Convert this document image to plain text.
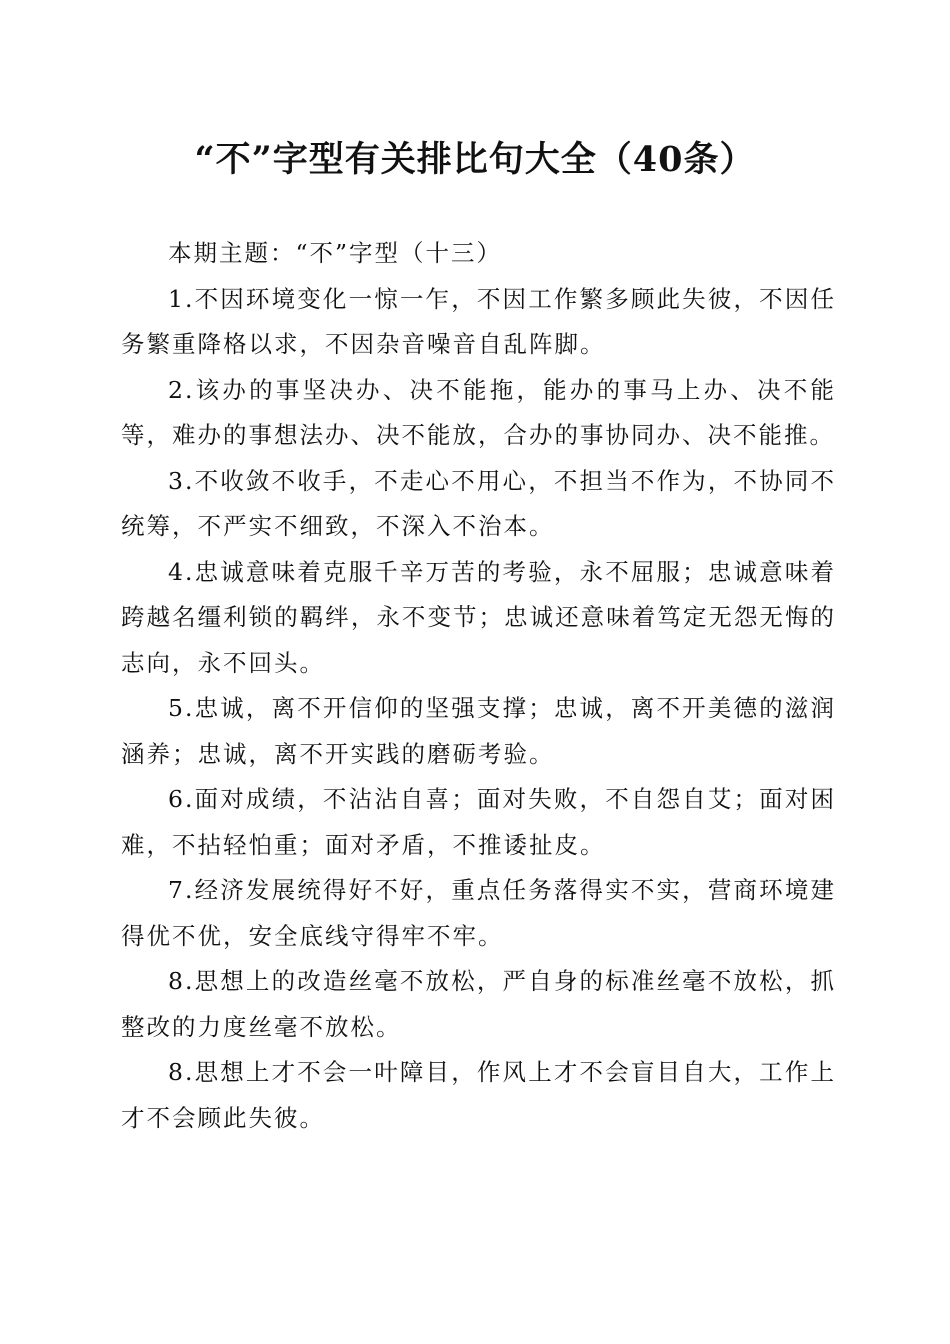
“不”字型有关排比句大全（40条）

本期主题：“不”字型（十三）

1.不因环境变化一惊一乍，不因工作繁多顾此失彼，不因任务繁重降格以求，不因杂音噪音自乱阵脚。

2.该办的事坚决办、决不能拖，能办的事马上办、决不能等，难办的事想法办、决不能放，合办的事协同办、决不能推。

3.不收敛不收手，不走心不用心，不担当不作为，不协同不统筹，不严实不细致，不深入不治本。

4.忠诚意味着克服千辛万苦的考验，永不屈服；忠诚意味着跨越名缰利锁的羁绊，永不变节；忠诚还意味着笃定无怨无悔的志向，永不回头。

5.忠诚，离不开信仰的坚强支撑；忠诚，离不开美德的滋润涵养；忠诚，离不开实践的磨砺考验。

6.面对成绩，不沾沾自喜；面对失败，不自怨自艾；面对困难，不拈轻怕重；面对矛盾，不推诿扯皮。

7.经济发展统得好不好，重点任务落得实不实，营商环境建得优不优，安全底线守得牢不牢。

8.思想上的改造丝毫不放松，严自身的标准丝毫不放松，抓整改的力度丝毫不放松。

8.思想上才不会一叶障目，作风上才不会盲目自大，工作上才不会顾此失彼。
